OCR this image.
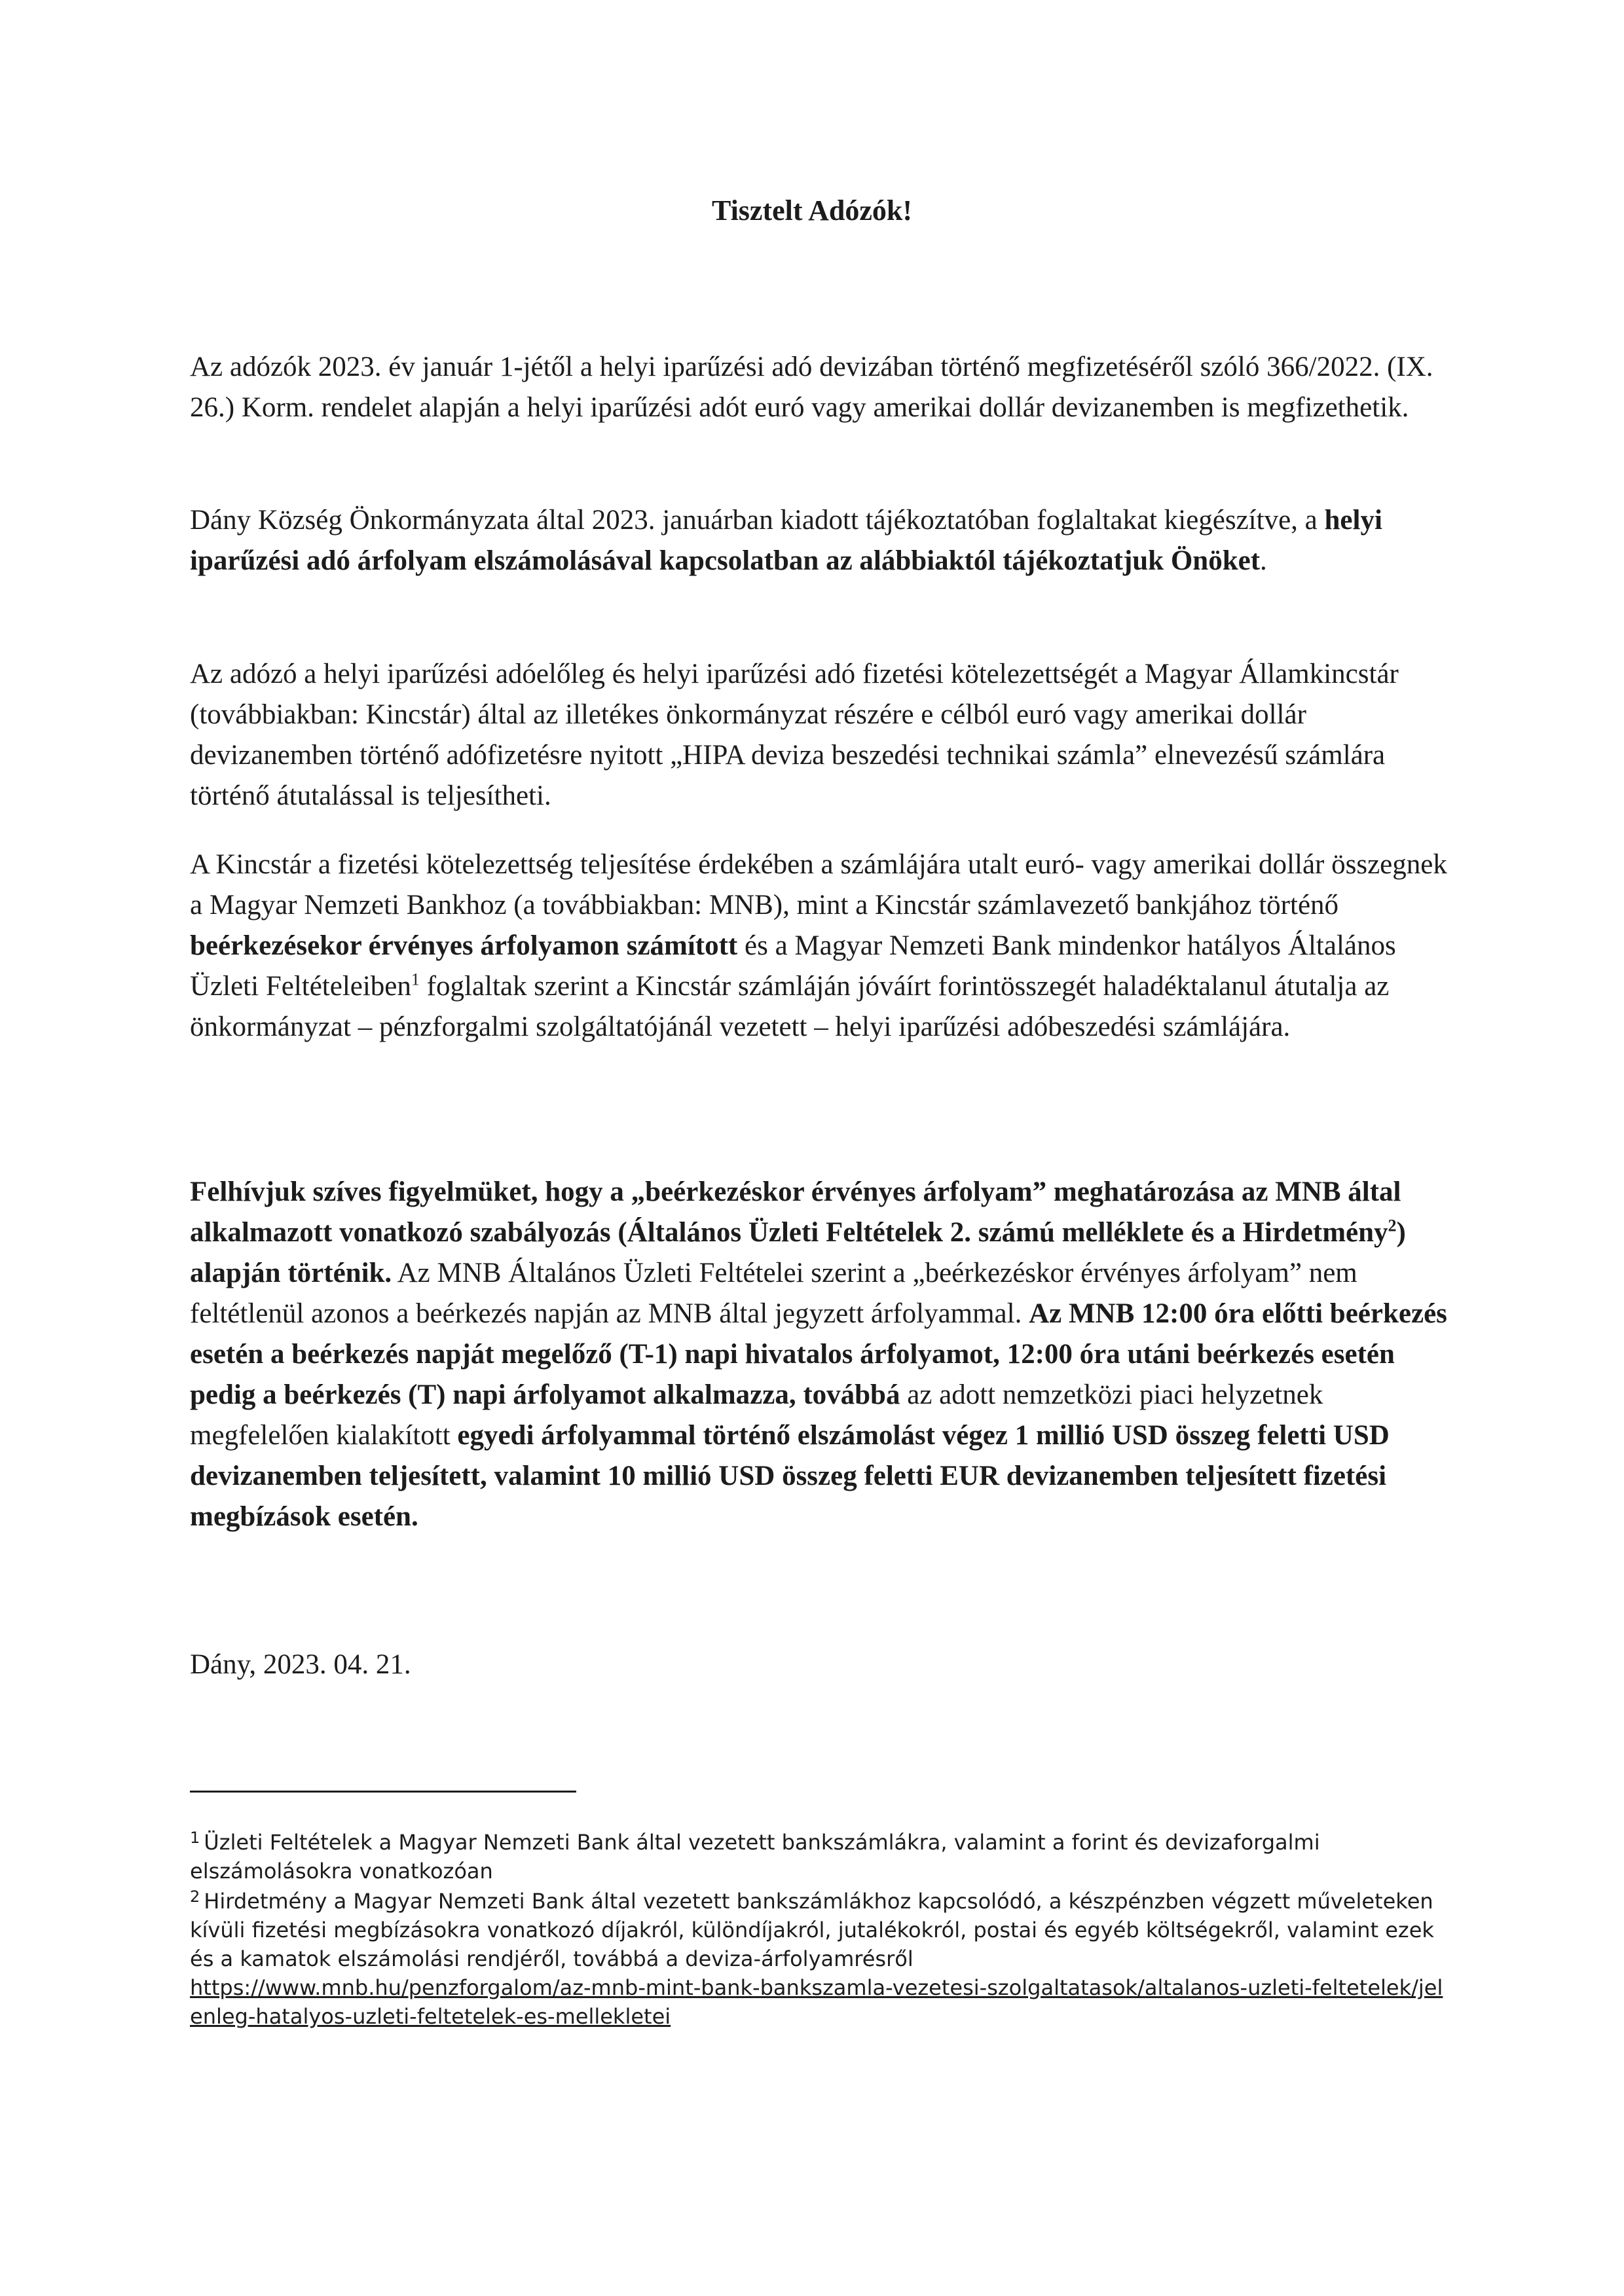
Tisztelt Adózók!

Az adózók 2023. év január 1-jétől a helyi iparűzési adó devizában történő megfizetéséről szóló 366/2022. (IX. 26.) Korm. rendelet alapján a helyi iparűzési adót euró vagy amerikai dollár devizanemben is megfizethetik.

Dány Község Önkormányzata által 2023. januárban kiadott tájékoztatóban foglaltakat kiegészítve, a helyi iparűzési adó árfolyam elszámolásával kapcsolatban az alábbiaktól tájékoztatjuk Önöket.

Az adózó a helyi iparűzési adóelőleg és helyi iparűzési adó fizetési kötelezettségét a Magyar Államkincstár (továbbiakban: Kincstár) által az illetékes önkormányzat részére e célból euró vagy amerikai dollár devizanemben történő adófizetésre nyitott „HIPA deviza beszedési technikai számla” elnevezésű számlára történő átutalással is teljesítheti.

A Kincstár a fizetési kötelezettség teljesítése érdekében a számlájára utalt euró- vagy amerikai dollár összegnek a Magyar Nemzeti Bankhoz (a továbbiakban: MNB), mint a Kincstár számlavezető bankjához történő beérkezésekor érvényes árfolyamon számított és a Magyar Nemzeti Bank mindenkor hatályos Általános Üzleti Feltételeiben$^1$ foglaltak szerint a Kincstár számláján jóváírt forintösszegét haladéktalanul átutalja az önkormányzat – pénzforgalmi szolgáltatójánál vezetett – helyi iparűzési adóbeszedési számlájára.

Felhívjuk szíves figyelmüket, hogy a „beérkezéskor érvényes árfolyam” meghatározása az MNB által alkalmazott vonatkozó szabályozás (Általános Üzleti Feltételek 2. számú melléklete és a Hirdetmény$^2$) alapján történik. Az MNB Általános Üzleti Feltételei szerint a „beérkezéskor érvényes árfolyam” nem feltétlenül azonos a beérkezés napján az MNB által jegyzett árfolyammal. Az MNB 12:00 óra előtti beérkezés esetén a beérkezés napját megelőző (T-1) napi hivatalos árfolyamot, 12:00 óra utáni beérkezés esetén pedig a beérkezés (T) napi árfolyamot alkalmazza, továbbá az adott nemzetközi piaci helyzetnek megfelelően kialakított egyedi árfolyammal történő elszámolást végez 1 millió USD összeg feletti USD devizanemben teljesített, valamint 10 millió USD összeg feletti EUR devizanemben teljesített fizetési megbízások esetén.

Dány, 2023. 04. 21.

$^1$ Üzleti Feltételek a Magyar Nemzeti Bank által vezetett bankszámlákra, valamint a forint és devizaforgalmi elszámolásokra vonatkozóan

$^2$ Hirdetmény a Magyar Nemzeti Bank által vezetett bankszámlákhoz kapcsolódó, a készpénzben végzett műveleteken kívüli fizetési megbízásokra vonatkozó díjakról, különdíjakról, jutalékokról, postai és egyéb költségekről, valamint ezek és a kamatok elszámolási rendjéről, továbbá a deviza-árfolyamrésről
https://www.mnb.hu/penzforgalom/az-mnb-mint-bank-bankszamla-vezetesi-szolgaltatasok/altalanos-uzleti-feltetelek/jelenleg-hatalyos-uzleti-feltetelek-es-mellekletei
